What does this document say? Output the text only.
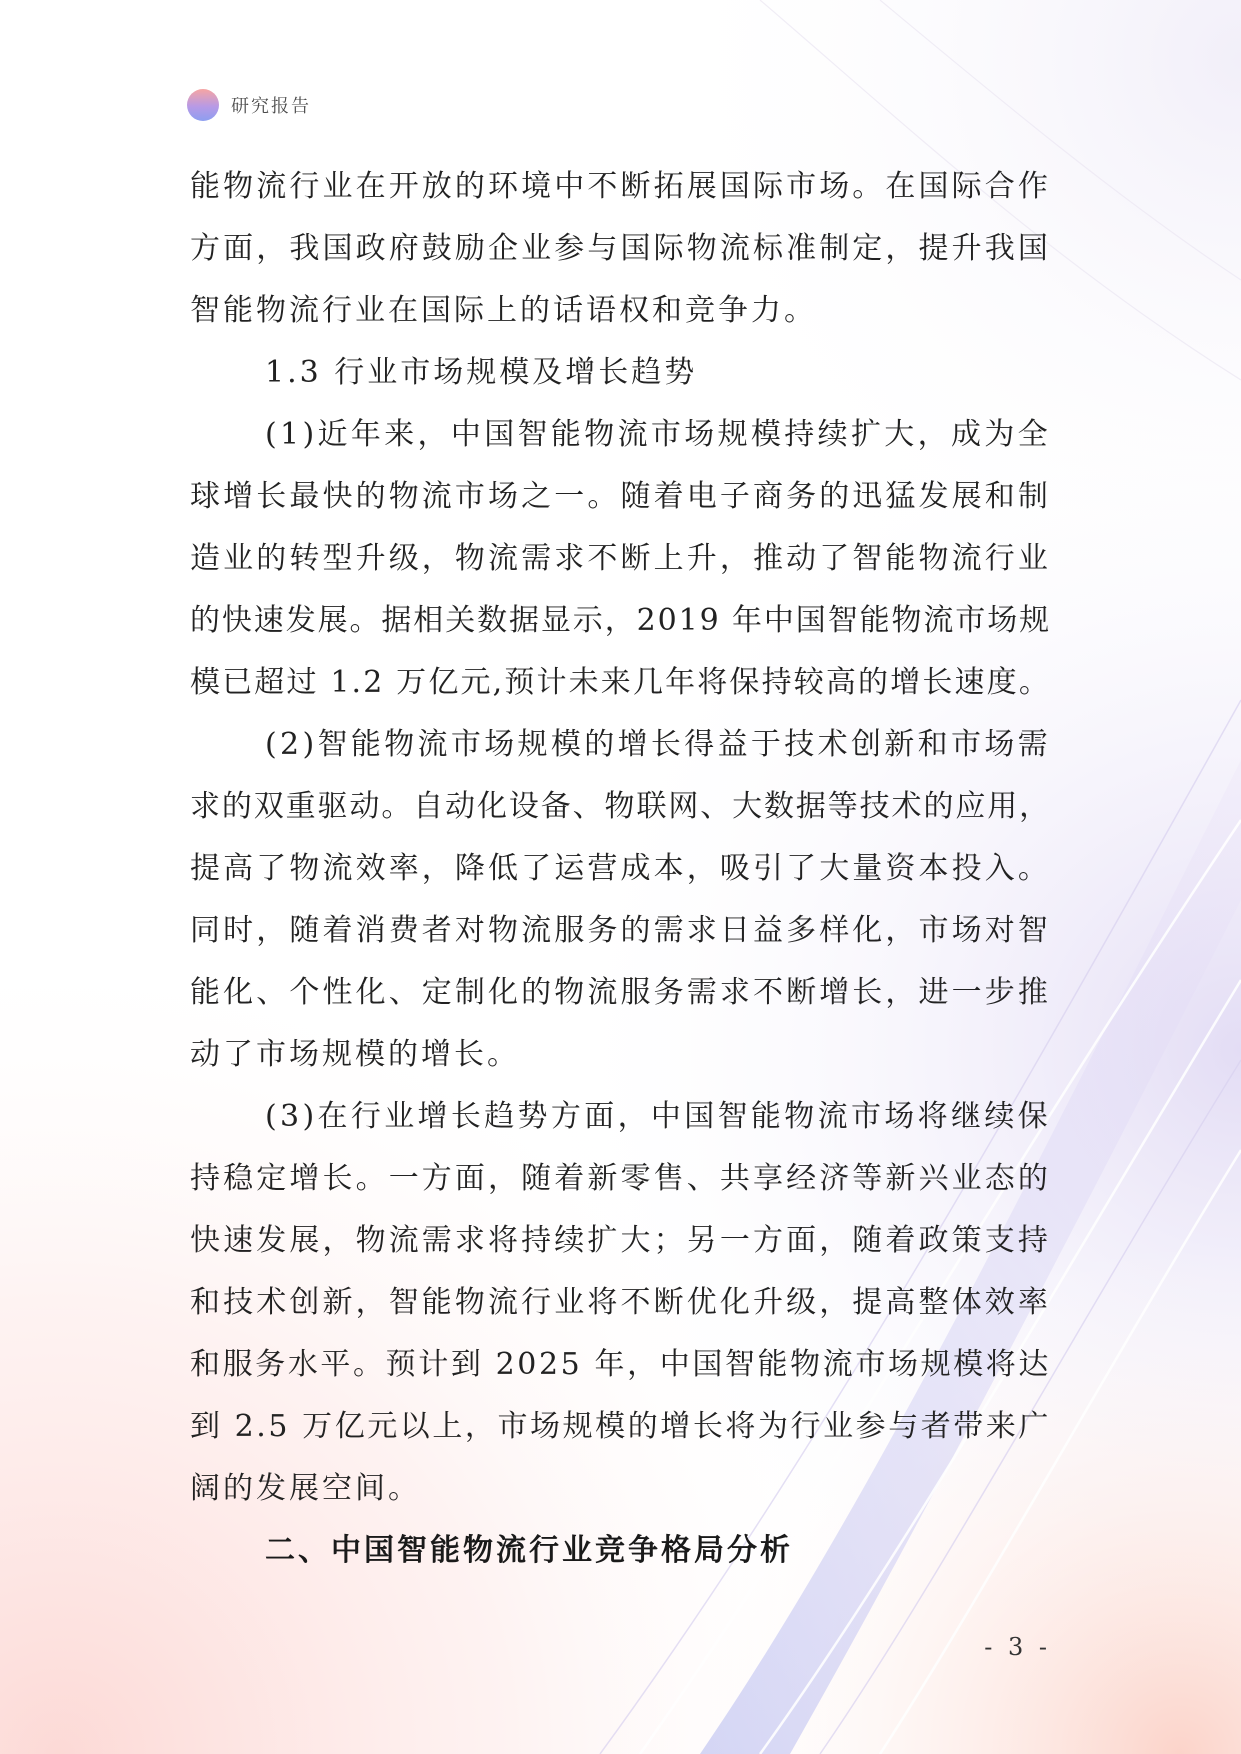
研究报告
能物流行业在开放的环境中不断拓展国际市场。在国际合作
方面，我国政府鼓励企业参与国际物流标准制定，提升我国
智能物流行业在国际上的话语权和竞争力。
1.3 行业市场规模及增长趋势
(1)近年来，中国智能物流市场规模持续扩大，成为全
球增长最快的物流市场之一。随着电子商务的迅猛发展和制
造业的转型升级，物流需求不断上升，推动了智能物流行业
的快速发展。据相关数据显示，2019 年中国智能物流市场规
模已超过 1.2 万亿元,预计未来几年将保持较高的增长速度。
(2)智能物流市场规模的增长得益于技术创新和市场需
求的双重驱动。自动化设备、物联网、大数据等技术的应用，
提高了物流效率，降低了运营成本，吸引了大量资本投入。
同时，随着消费者对物流服务的需求日益多样化，市场对智
能化、个性化、定制化的物流服务需求不断增长，进一步推
动了市场规模的增长。
(3)在行业增长趋势方面，中国智能物流市场将继续保
持稳定增长。一方面，随着新零售、共享经济等新兴业态的
快速发展，物流需求将持续扩大；另一方面，随着政策支持
和技术创新，智能物流行业将不断优化升级，提高整体效率
和服务水平。预计到 2025 年，中国智能物流市场规模将达
到 2.5 万亿元以上，市场规模的增长将为行业参与者带来广
阔的发展空间。
二、中国智能物流行业竞争格局分析
- 3 -
